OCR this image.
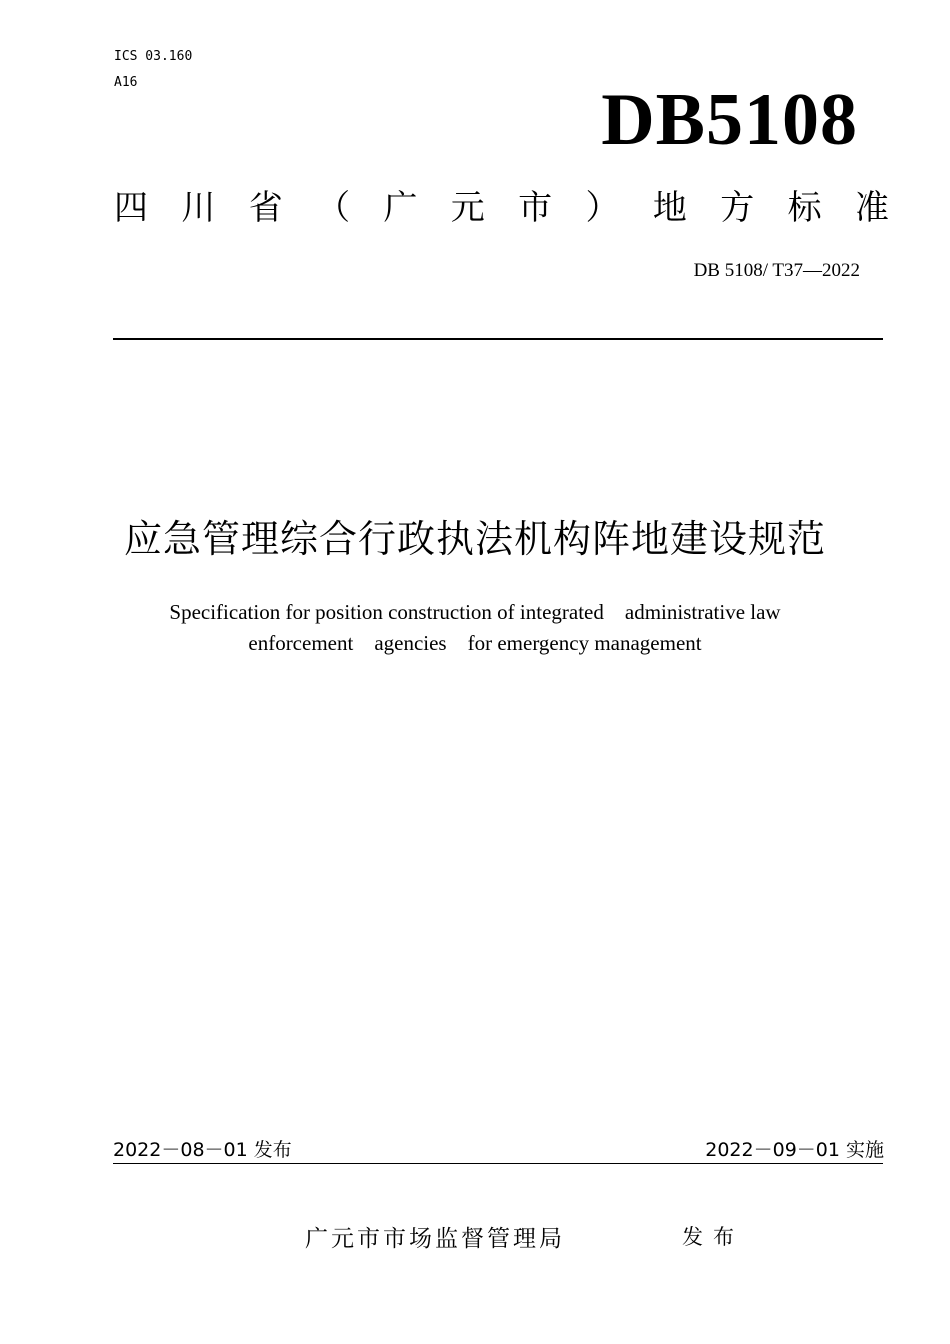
ICS 03.160

A16	DB5108

四 川 省 （ 广 元 市 ） 地 方 标 准

DB 5108/ T37—2022

应急管理综合行政执法机构阵地建设规范
Specification for position construction of integrated    administrative law
enforcement    agencies    for emergency management

2022－08－01 发布	2022－09－01 实施

广元市市场监督管理局	发布
